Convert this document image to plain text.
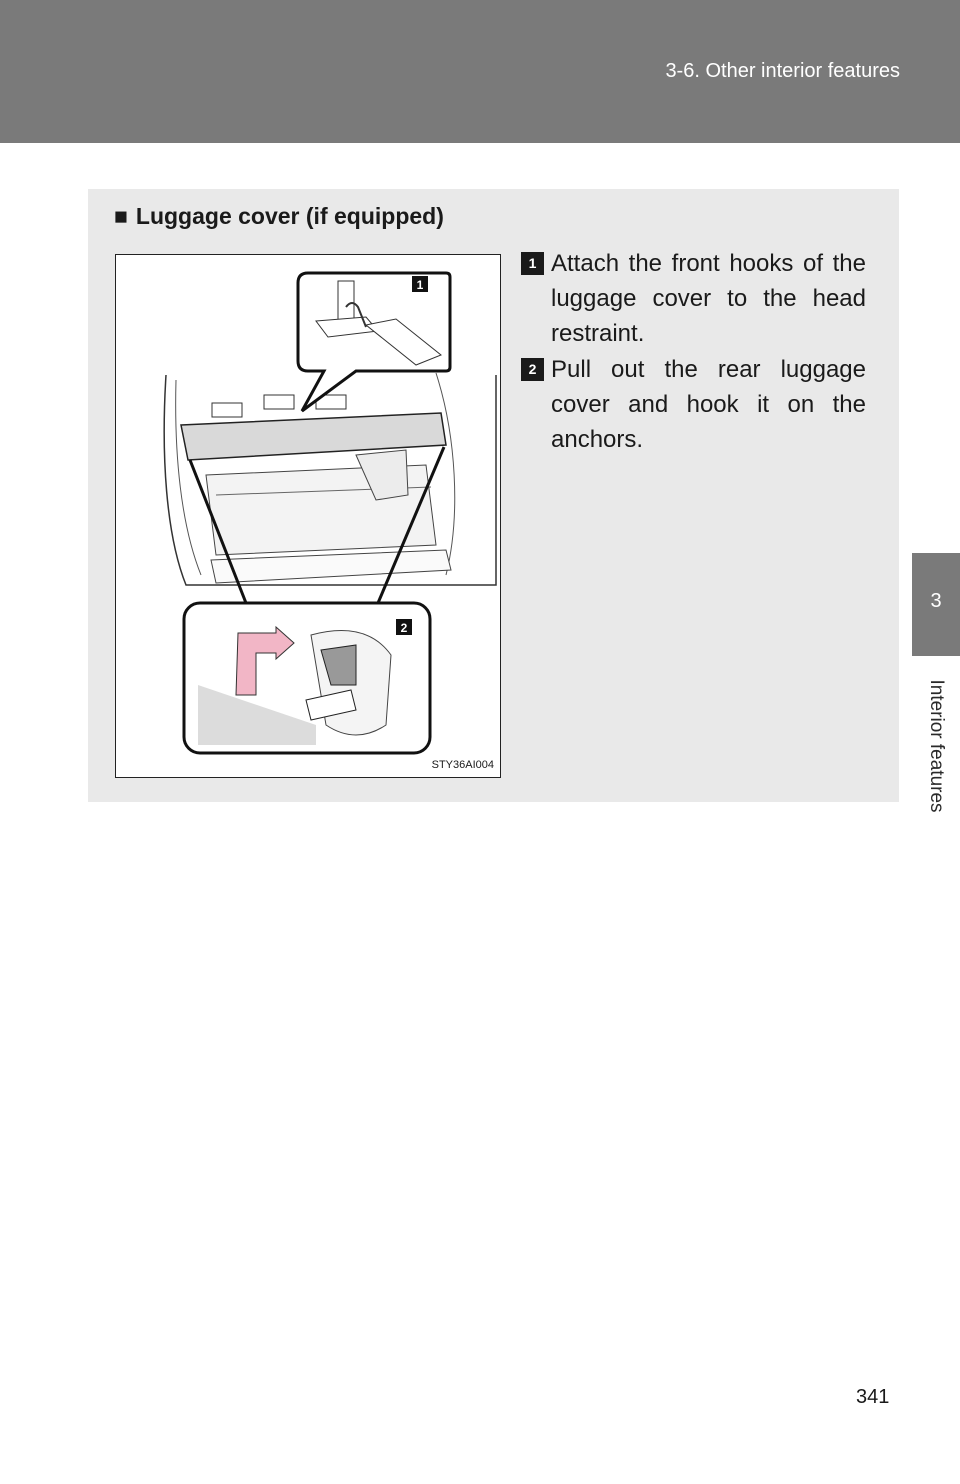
3-6. Other interior features
3
Interior features
■ Luggage cover (if equipped)
1
2
STY36AI004
1 Attach the front hooks of the luggage cover to the head restraint.
2 Pull out the rear luggage cover and hook it on the anchors.
341
